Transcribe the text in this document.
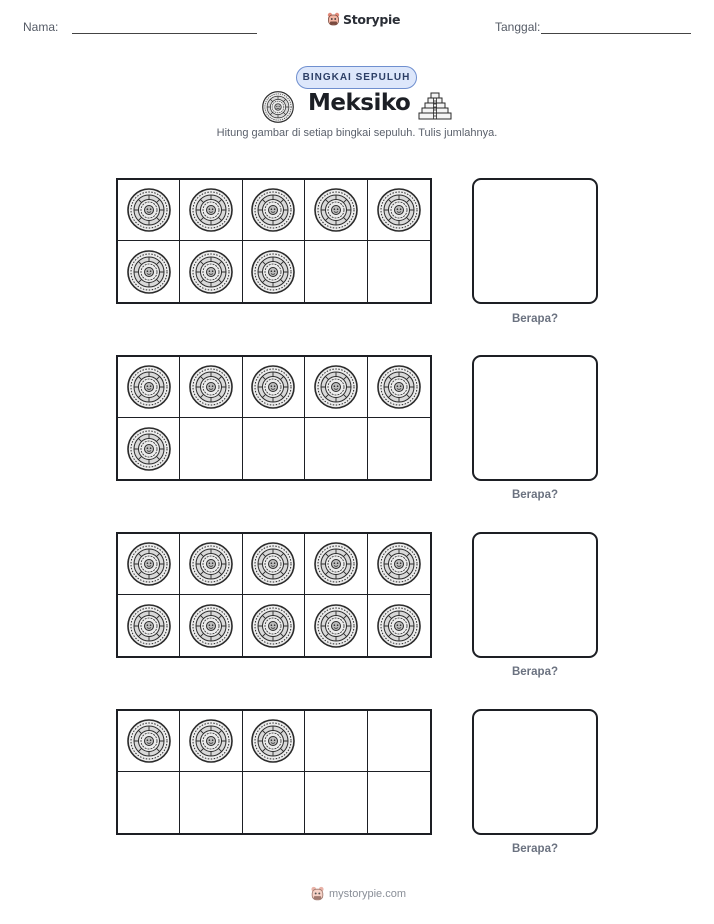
Nama:	Storypie	Tanggal:
BINGKAI SEPULUH
Meksiko
Hitung gambar di setiap bingkai sepuluh. Tulis jumlahnya.
Berapa?
Berapa?
Berapa?
Berapa?
mystorypie.com
